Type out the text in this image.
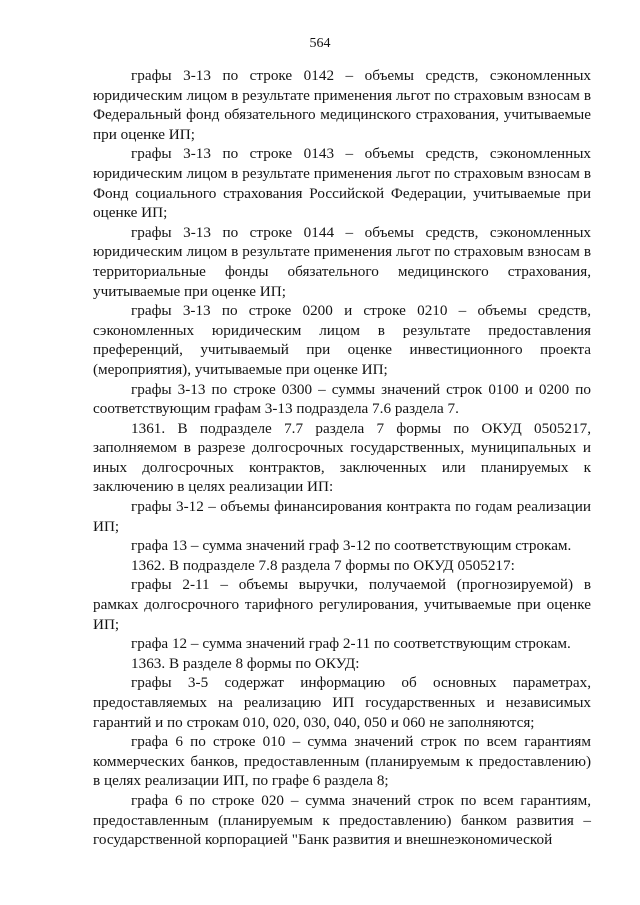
564

графы 3-13 по строке 0142 – объемы средств, сэкономленных юридическим лицом в результате применения льгот по страховым взносам в Федеральный фонд обязательного медицинского страхования, учитываемые при оценке ИП;

графы 3-13 по строке 0143 – объемы средств, сэкономленных юридическим лицом в результате применения льгот по страховым взносам в Фонд социального страхования Российской Федерации, учитываемые при оценке ИП;

графы 3-13 по строке 0144 – объемы средств, сэкономленных юридическим лицом в результате применения льгот по страховым взносам в территориальные фонды обязательного медицинского страхования, учитываемые при оценке ИП;

графы 3-13 по строке 0200 и строке 0210 – объемы средств, сэкономленных юридическим лицом в результате предоставления преференций, учитываемый при оценке инвестиционного проекта (мероприятия), учитываемые при оценке ИП;

графы 3-13 по строке 0300 – суммы значений строк 0100 и 0200 по соответствующим графам 3-13 подраздела 7.6 раздела 7.

1361. В подразделе 7.7 раздела 7 формы по ОКУД 0505217, заполняемом в разрезе долгосрочных государственных, муниципальных и иных долгосрочных контрактов, заключенных или планируемых к заключению в целях реализации ИП:

графы 3-12 – объемы финансирования контракта по годам реализации ИП;

графа 13 – сумма значений граф 3-12 по соответствующим строкам.

1362. В подразделе 7.8 раздела 7 формы по ОКУД 0505217:

графы 2-11 – объемы выручки, получаемой (прогнозируемой) в рамках долгосрочного тарифного регулирования, учитываемые при оценке ИП;

графа 12 – сумма значений граф 2-11 по соответствующим строкам.

1363. В разделе 8 формы по ОКУД:

графы 3-5 содержат информацию об основных параметрах, предоставляемых на реализацию ИП государственных и независимых гарантий и по строкам 010, 020, 030, 040, 050 и 060 не заполняются;

графа 6 по строке 010 – сумма значений строк по всем гарантиям коммерческих банков, предоставленным (планируемым к предоставлению) в целях реализации ИП, по графе 6 раздела 8;

графа 6 по строке 020 – сумма значений строк по всем гарантиям, предоставленным (планируемым к предоставлению) банком развития – государственной корпорацией "Банк развития и внешнеэкономической
